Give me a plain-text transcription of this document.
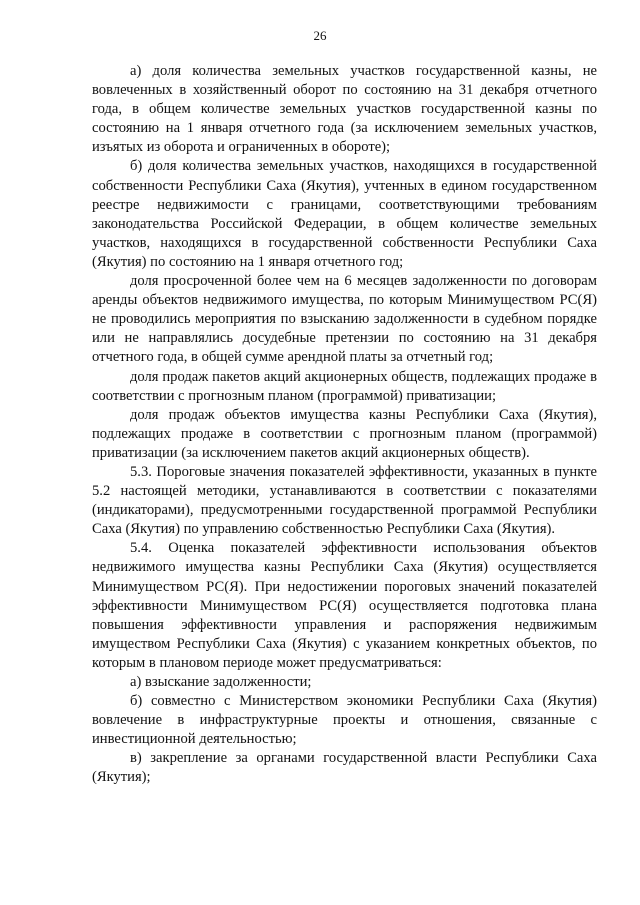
26

а) доля количества земельных участков государственной казны, не вовлеченных в хозяйственный оборот по состоянию на 31 декабря отчетного года, в общем количестве земельных участков государственной казны по состоянию на 1 января отчетного года (за исключением земельных участков, изъятых из оборота и ограниченных в обороте);

б) доля количества земельных участков, находящихся в государственной собственности Республики Саха (Якутия), учтенных в едином государственном реестре недвижимости с границами, соответствующими требованиям законодательства Российской Федерации, в общем количестве земельных участков, находящихся в государственной собственности Республики Саха (Якутия) по состоянию на 1 января отчетного год;

доля просроченной более чем на 6 месяцев задолженности по договорам аренды объектов недвижимого имущества, по которым Минимуществом РС(Я) не проводились мероприятия по взысканию задолженности в судебном порядке или не направлялись досудебные претензии по состоянию на 31 декабря отчетного года, в общей сумме арендной платы за отчетный год;

доля продаж пакетов акций акционерных обществ, подлежащих продаже в соответствии с прогнозным планом (программой) приватизации;

доля продаж объектов имущества казны Республики Саха (Якутия), подлежащих продаже в соответствии с прогнозным планом (программой) приватизации (за исключением пакетов акций акционерных обществ).

5.3. Пороговые значения показателей эффективности, указанных в пункте 5.2 настоящей методики, устанавливаются в соответствии с показателями (индикаторами), предусмотренными государственной программой Республики Саха (Якутия) по управлению собственностью Республики Саха (Якутия).

5.4. Оценка показателей эффективности использования объектов недвижимого имущества казны Республики Саха (Якутия) осуществляется Минимуществом РС(Я). При недостижении пороговых значений показателей эффективности Минимуществом РС(Я) осуществляется подготовка плана повышения эффективности управления и распоряжения недвижимым имуществом Республики Саха (Якутия) с указанием конкретных объектов, по которым в плановом периоде может предусматриваться:

а) взыскание задолженности;

б) совместно с Министерством экономики Республики Саха (Якутия) вовлечение в инфраструктурные проекты и отношения, связанные с инвестиционной деятельностью;

в) закрепление за органами государственной власти Республики Саха (Якутия);
